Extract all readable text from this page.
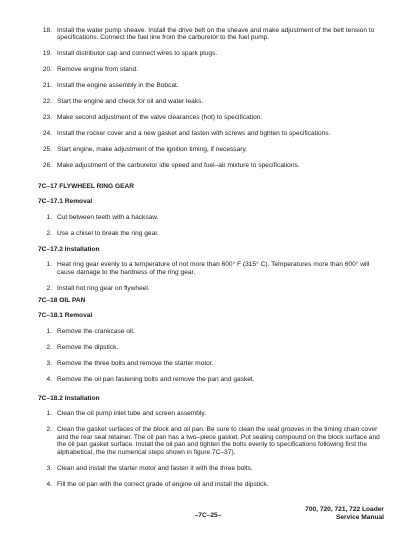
18. Install the water pump sheave. Install the drive belt on the sheave and make adjustment of the belt tension to specifications. Connect the fuel line from the carburetor to the fuel pump.
19. Install distributor cap and connect wires to spark plugs.
20. Remove engine from stand.
21. Install the engine assembly in the Bobcat.
22. Start the engine and check for oil and water leaks.
23. Make second adjustment of the valve clearances (hot) to specification.
24. Install the rocker cover and a new gasket and fasten with screws and tighten to specifications.
25. Start engine, make adjustment of the ignition timing, if necessary.
26. Make adjustment of the carburetor idle speed and fuel–air mixture to specifications.
7C–17 FLYWHEEL RING GEAR
7C–17.1 Removal
1. Cut between teeth with a hacksaw.
2. Use a chisel to break the ring gear.
7C–17.2 Installation
1. Heat ring gear evenly to a temperature of not more than 600° F (315° C). Temperatures more than 600° will cause damage to the hardness of the ring gear.
2. Install hot ring gear on flywheel.
7C–18 OIL PAN
7C–18.1 Removal
1. Remove the crankcase oil.
2. Remove the dipstick.
3. Remove the three bolts and remove the starter motor.
4. Remove the oil pan fastening bolts and remove the pan and gasket.
7C–18.2 Installation
1. Clean the oil pump inlet tube and screen assembly.
2. Clean the gasket surfaces of the block and oil pan. Be sure to clean the seal grooves in the timing chain cover and the rear seal retainer. The oil pan has a two–piece gasket. Put sealing compound on the block surface and the oil pan gasket surface. Install the oil pan and tighten the bolts evenly to specifications following first the alphabetical, the the numerical steps shown in figure 7C–37).
3. Clean and install the starter motor and fasten it with the three bolts.
4. Fill the oil pan with the correct grade of engine oil and install the dipstick.
–7C–25–
700, 720, 721, 722 Loader
Service Manual
